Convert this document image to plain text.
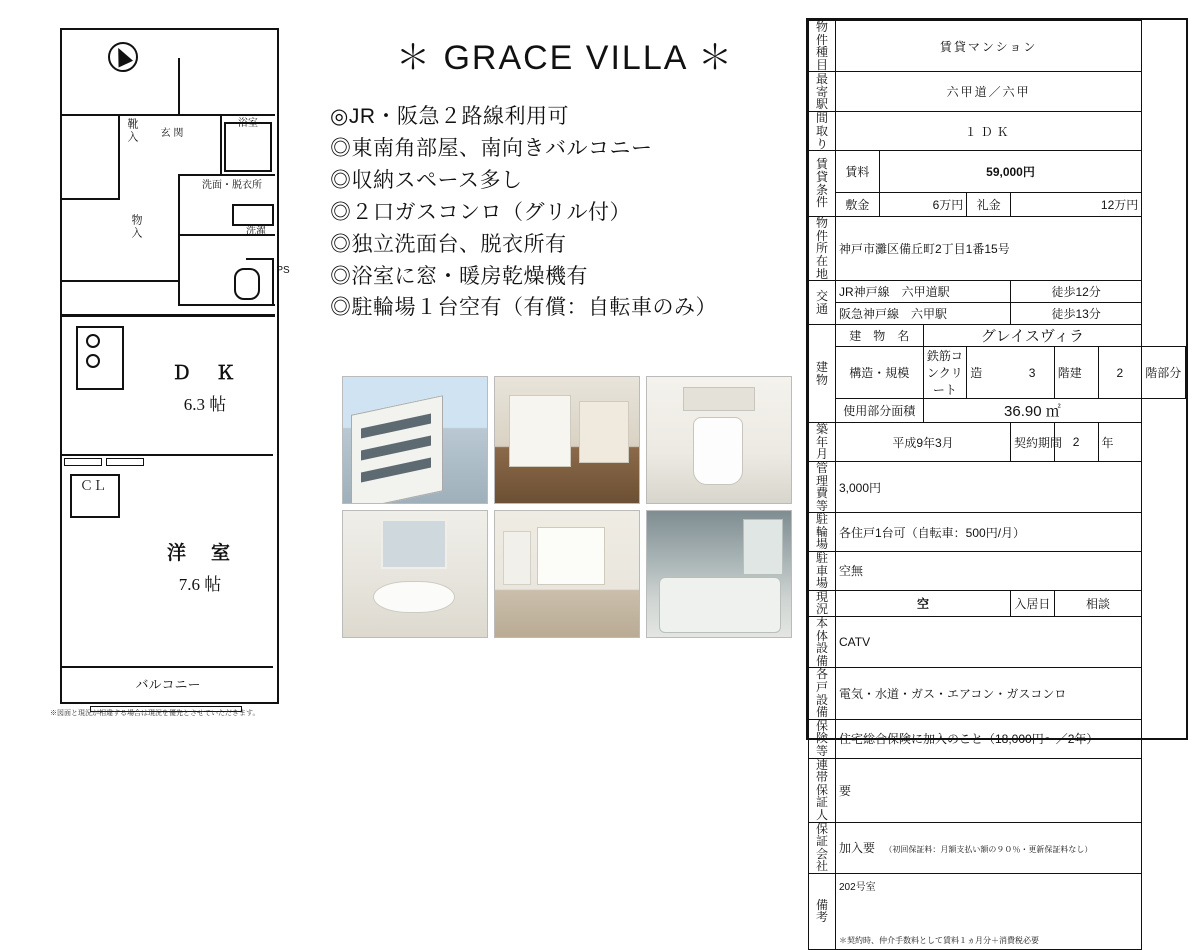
玄 関
靴入	浴室
洗面・脱衣所
洗濯
物入
PS
ＣＬ
Ｄ　Ｋ
6.3 帖
洋　室
7.6 帖
バルコニー
※図面と現況が相違する場合は現況を優先とさせていただきます。
＊ GRACE VILLA ＊
◎JR・阪急２路線利用可
◎東南角部屋、南向きバルコニー
◎収納スペース多し
◎２口ガスコンロ（グリル付）
◎独立洗面台、脱衣所有
◎浴室に窓・暖房乾燥機有
◎駐輪場１台空有（有償：自転車のみ）
物件種目	賃貸マンション							
最寄駅	六甲道／六甲							
間取り	１ＤＫ							
賃貸条件	賃料	59,000円						
	敷金	6万円		礼金	12万円			
物件所在地	神戸市灘区備丘町2丁目1番15号							
交通	JR神戸線　六甲道駅				徒歩12分			
	阪急神戸線　六甲駅				徒歩13分			
建物	建　物　名		グレイスヴィラ					
	構造・規模		鉄筋コンクリート	造	3	階建	2	階部分
	使用部分面積		36.90 ㎡					
築 年 月	平成9年3月				契約期間	2	年	
管理費等	3,000円							
駐 輪 場	各住戸1台可（自転車：500円/月）							
駐 車 場	空無							
現　況	空				入居日	相談		
本体設備	CATV							
各戸設備	電気・水道・ガス・エアコン・ガスコンロ							
保 険 等	住宅総合保険に加入のこと（18,000円～／2年）							
連帯保証人	要							
保 証 会 社	加入要 （初回保証料：月額支払い額の９０％・更新保証料なし）							
備　　考	202号室
＊契約時、仲介手数料として賃料１ヵ月分＋消費税必要							
